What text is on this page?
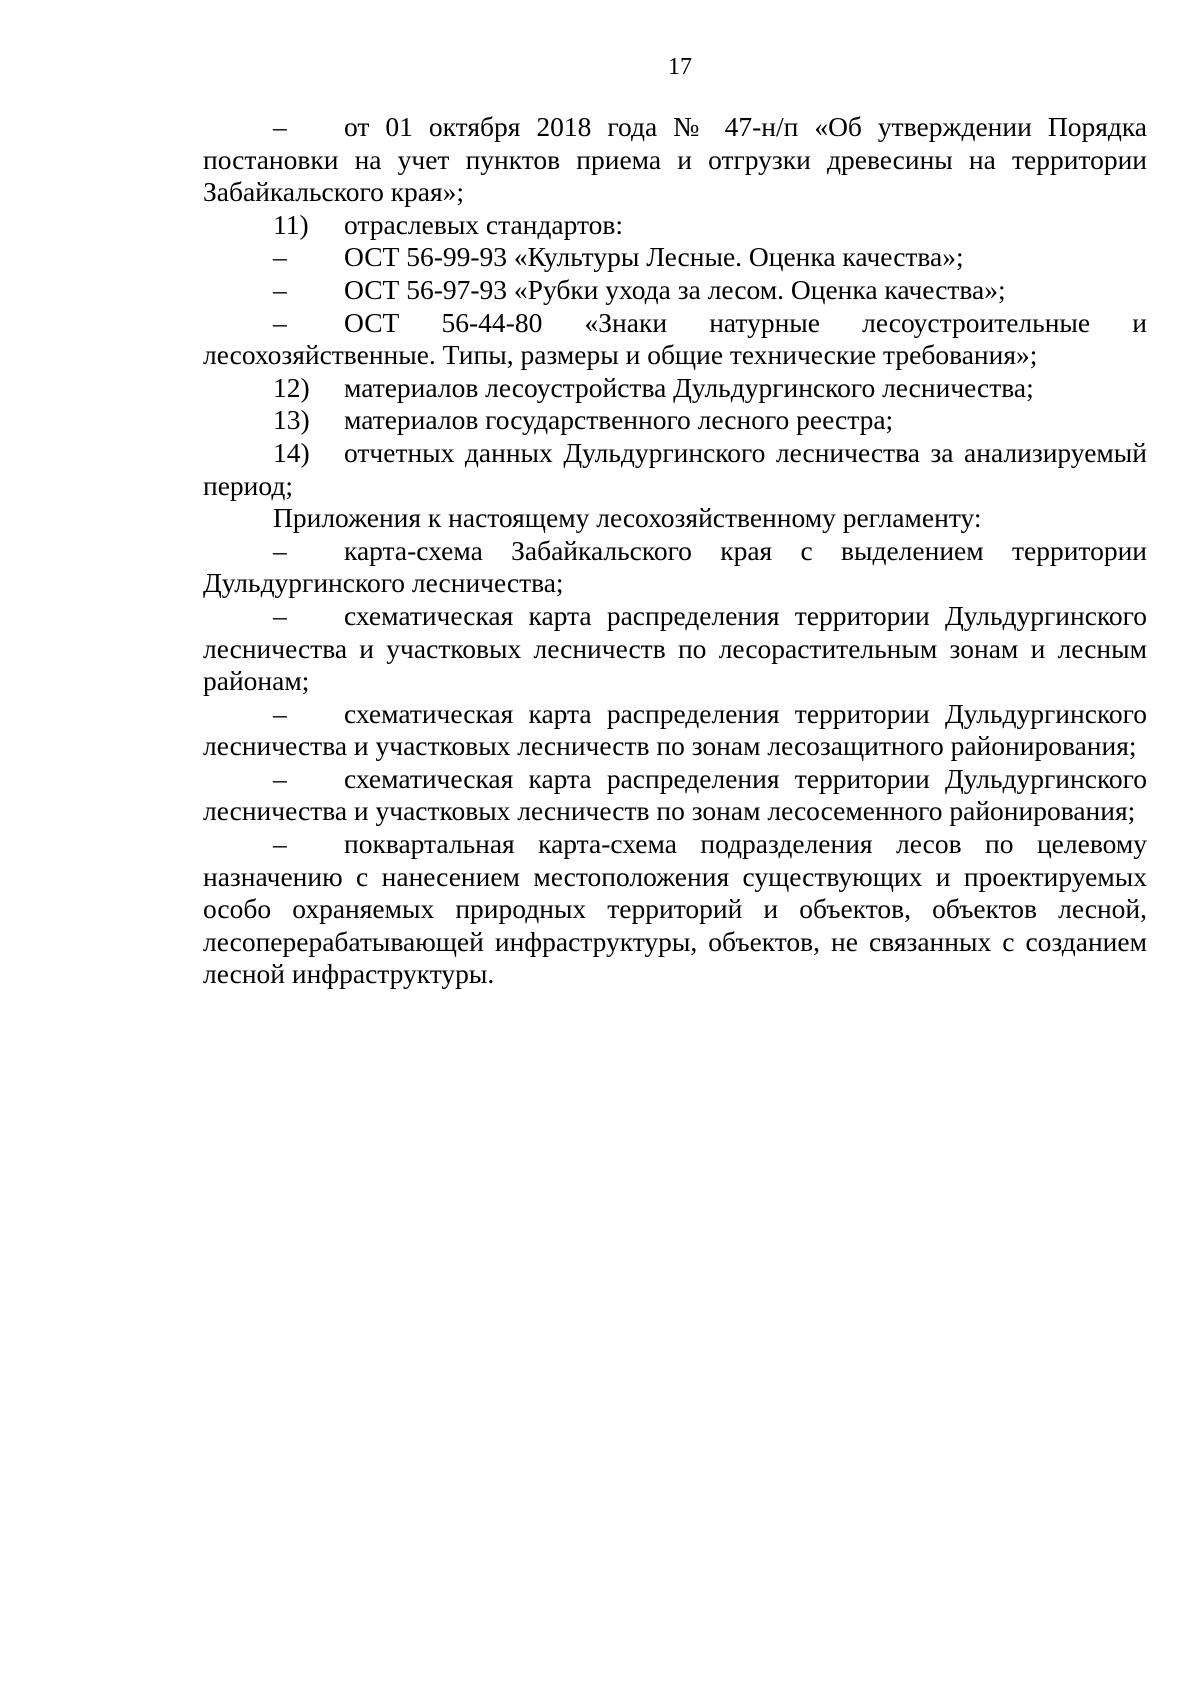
17

– от 01 октября 2018 года № 47-н/п «Об утверждении Порядка постановки на учет пунктов приема и отгрузки древесины на территории Забайкальского края»;

11) отраслевых стандартов:

– ОСТ 56-99-93 «Культуры Лесные. Оценка качества»;

– ОСТ 56-97-93 «Рубки ухода за лесом. Оценка качества»;

– ОСТ 56-44-80 «Знаки натурные лесоустроительные и лесохозяйственные. Типы, размеры и общие технические требования»;

12) материалов лесоустройства Дульдургинского лесничества;

13) материалов государственного лесного реестра;

14) отчетных данных Дульдургинского лесничества за анализируемый период;

Приложения к настоящему лесохозяйственному регламенту:

– карта-схема Забайкальского края с выделением территории Дульдургинского лесничества;

– схематическая карта распределения территории Дульдургинского лесничества и участковых лесничеств по лесорастительным зонам и лесным районам;

– схематическая карта распределения территории Дульдургинского лесничества и участковых лесничеств по зонам лесозащитного районирования;

– схематическая карта распределения территории Дульдургинского лесничества и участковых лесничеств по зонам лесосеменного районирования;

– поквартальная карта-схема подразделения лесов по целевому назначению с нанесением местоположения существующих и проектируемых особо охраняемых природных территорий и объектов, объектов лесной, лесоперерабатывающей инфраструктуры, объектов, не связанных с созданием лесной инфраструктуры.
